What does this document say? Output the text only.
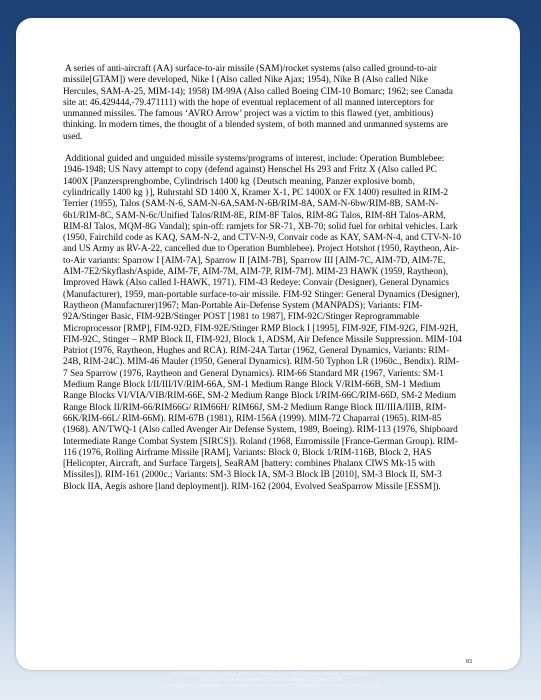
A series of anti-aircraft (AA) surface-to-air missile (SAM)/rocket systems (also called ground-to-air missile[GTAM]) were developed, Nike I (Also called Nike Ajax; 1954), Nike B (Also called Nike Hercules, SAM-A-25, MIM-14); 1958) IM-99A (Also called Boeing CIM-10 Bomarc; 1962; see Canada site at: 46.429444,-79.471111) with the hope of eventual replacement of all manned interceptors for unmanned missiles. The famous ‘AVRO Arrow’ project was a victim to this flawed (yet, ambitious) thinking. In modern times, the thought of a blended system, of both manned and unmanned systems are used.

Additional guided and unguided missile systems/programs of interest, include: Operation Bumblebee: 1946-1948; US Navy attempt to copy (defend against) Henschel Hs 293 and Fritz X (Also called PC 1400X [Panzersprengbombe, Cylindrisch 1400 kg {Deutsch meaning, Panzer explosive bomb, cylindrically 1400 kg }], Ruhrstahl SD 1400 X, Kramer X-1, PC 1400X or FX 1400) resulted in RIM-2 Terrier (1955), Talos (SAM-N-6, SAM-N-6A,SAM-N-6B/RIM-8A, SAM-N-6bw/RIM-8B, SAM-N-6b1/RIM-8C, SAM-N-6c/Unified Talos/RIM-8E, RIM-8F Talos, RIM-8G Talos, RIM-8H Talos-ARM, RIM-8J Talos, MQM-8G Vandal); spin-off: ramjets for SR-71, XB-70; solid fuel for orbital vehicles. Lark (1950, Fairchild code as KAQ, SAM-N-2, and CTV-N-9, Convair code as KAY, SAM-N-4, and CTV-N-10 and US Army as RV-A-22, cancelled due to Operation Bumblebee). Project Hotshot (1950, Raytheon, Air-to-Air variants: Sparrow I [AIM-7A], Sparrow II [AIM-7B], Sparrow III [AIM-7C, AIM-7D, AIM-7E, AIM-7E2/Skyflash/Aspide, AIM-7F, AIM-7M, AIM-7P, RIM-7M]. MIM-23 HAWK (1959, Raytheon), Improved Hawk (Also called I-HAWK, 1971). FIM-43 Redeye: Convair (Designer), General Dynamics (Manufacturer), 1959, man-portable surface-to-air missile. FIM-92 Stinger: General Dynamics (Designer), Raytheon (Manufacturer)1967; Man-Portable Air-Defense System (MANPADS); Variants: FIM-92A/Stinger Basic, FIM-92B/Stinger POST [1981 to 1987], FIM-92C/Stinger Reprogrammable Microprocessor [RMP], FIM-92D, FIM-92E/Stinger RMP Block I [1995], FIM-92F, FIM-92G, FIM-92H, FIM-92C, Stinger – RMP Block II, FIM-92J, Block 1, ADSM, Air Defence Missile Suppression. MIM-104 Patriot (1976, Raytheon, Hughes and RCA). RIM-24A Tartar (1962, General Dynamics, Variants: RIM-24B, RIM-24C). MIM-46 Mauler (1950, General Dynamics). RIM-50 Typhon LR (1960c., Bendix). RIM-7 Sea Sparrow (1976, Raytheon and General Dynamics). RIM-66 Standard MR (1967, Varients: SM-1 Medium Range Block I/II/III/IV/RIM-66A, SM-1 Medium Range Block V/RIM-66B, SM-1 Medium Range Blocks VI/VIA/VIB/RIM-66E, SM-2 Medium Range Block I/RIM-66C/RIM-66D, SM-2 Medium Range Block II/RIM-66/RIM66G/ RIM66H/ RIM66J, SM-2 Medium Range Block III/IIIA/IIIB, RIM-66K/RIM-66L/ RIM-66M). RIM-67B (1981), RIM-156A (1999). MIM-72 Chaparral (1965). RIM-85 (1968). AN/TWQ-1 (Also called Avenger Air Defense System, 1989, Boeing). RIM-113 (1976, Shipboard Intermediate Range Combat System [SIRCS]). Roland (1968, Euromissile [France-German Group). RIM-116 (1976, Rolling Airframe Missile [RAM], Variants: Block 0, Block 1/RIM-116B, Block 2, HAS [Helicopter, Aircraft, and Surface Targets], SeaRAM [battery: combines Phalanx CIWS Mk-15 with Missiles]). RIM-161 (2000c.; Variants: SM-3 Block IA, SM-3 Block IB [2010], SM-3 Block II, SM-3 Block IIA, Aegis ashore [land deployment]). RIM-162 (2004, Evolved SeaSparrow Missile [ESSM]).

83
ΛRΩOHΛ ΛRCTIC
© COPYRIGHT 2016. FREE WORLD PRESS LTD./ AROOHA ALL RIGHTS RESERVED
FOR FURTHER INFORMATION: HTTP://WWW.AROOHA.COM
COPYRIGHTED MATERIAL • DO NOT COPY • DO NOT DISTRIBUTE • DO NOT REPRODUCE
